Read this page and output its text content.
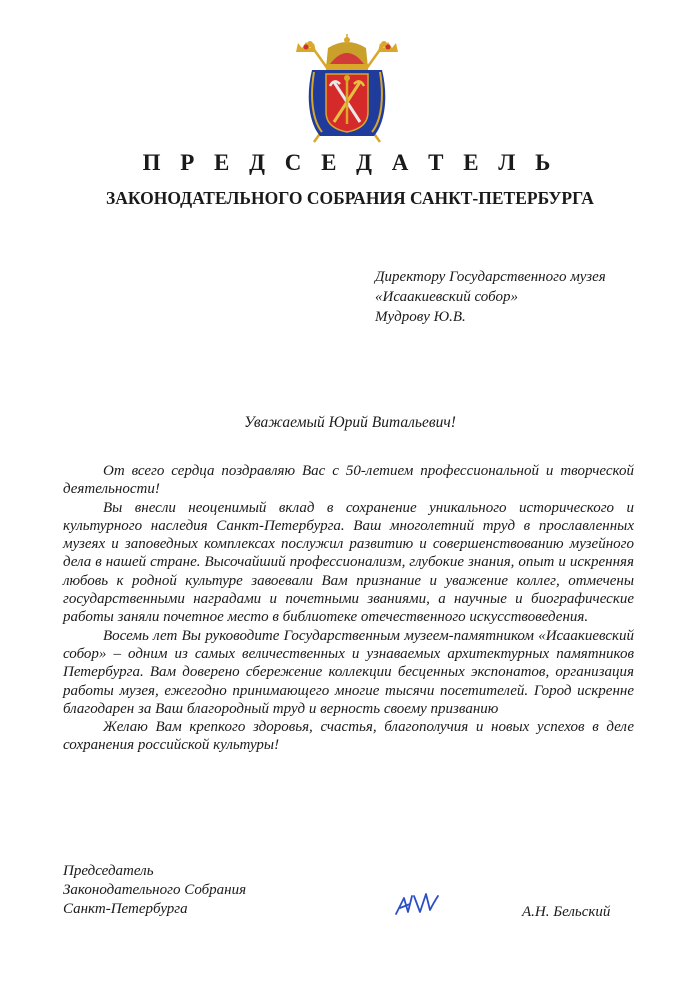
П Р Е Д С Е Д А Т Е Л Ь
ЗАКОНОДАТЕЛЬНОГО СОБРАНИЯ САНКТ-ПЕТЕРБУРГА
Директору Государственного музея
«Исаакиевский собор»
Мудрову Ю.В.
Уважаемый Юрий Витальевич!

От всего сердца поздравляю Вас с 50-летием профессиональной и творческой деятельности!

Вы внесли неоценимый вклад в сохранение уникального исторического и культурного наследия Санкт-Петербурга. Ваш многолетний труд в прославленных музеях и заповедных комплексах послужил развитию и совершенствованию музейного дела в нашей стране. Высочайший профессионализм, глубокие знания, опыт и искренняя любовь к родной культуре завоевали Вам признание и уважение коллег, отмечены государственными наградами и почетными званиями, а научные и биографические работы заняли почетное место в библиотеке отечественного искусствоведения.

Восемь лет Вы руководите Государственным музеем-памятником «Исаакиевский собор» – одним из самых величественных и узнаваемых архитектурных памятников Петербурга. Вам доверено сбережение коллекции бесценных экспонатов, организация работы музея, ежегодно принимающего многие тысячи посетителей. Город искренне благодарен за Ваш благородный труд и верность своему призванию

Желаю Вам крепкого здоровья, счастья, благополучия и новых успехов в деле сохранения российской культуры!

Председатель
Законодательного Собрания
Санкт-Петербурга	А.Н. Бельский
